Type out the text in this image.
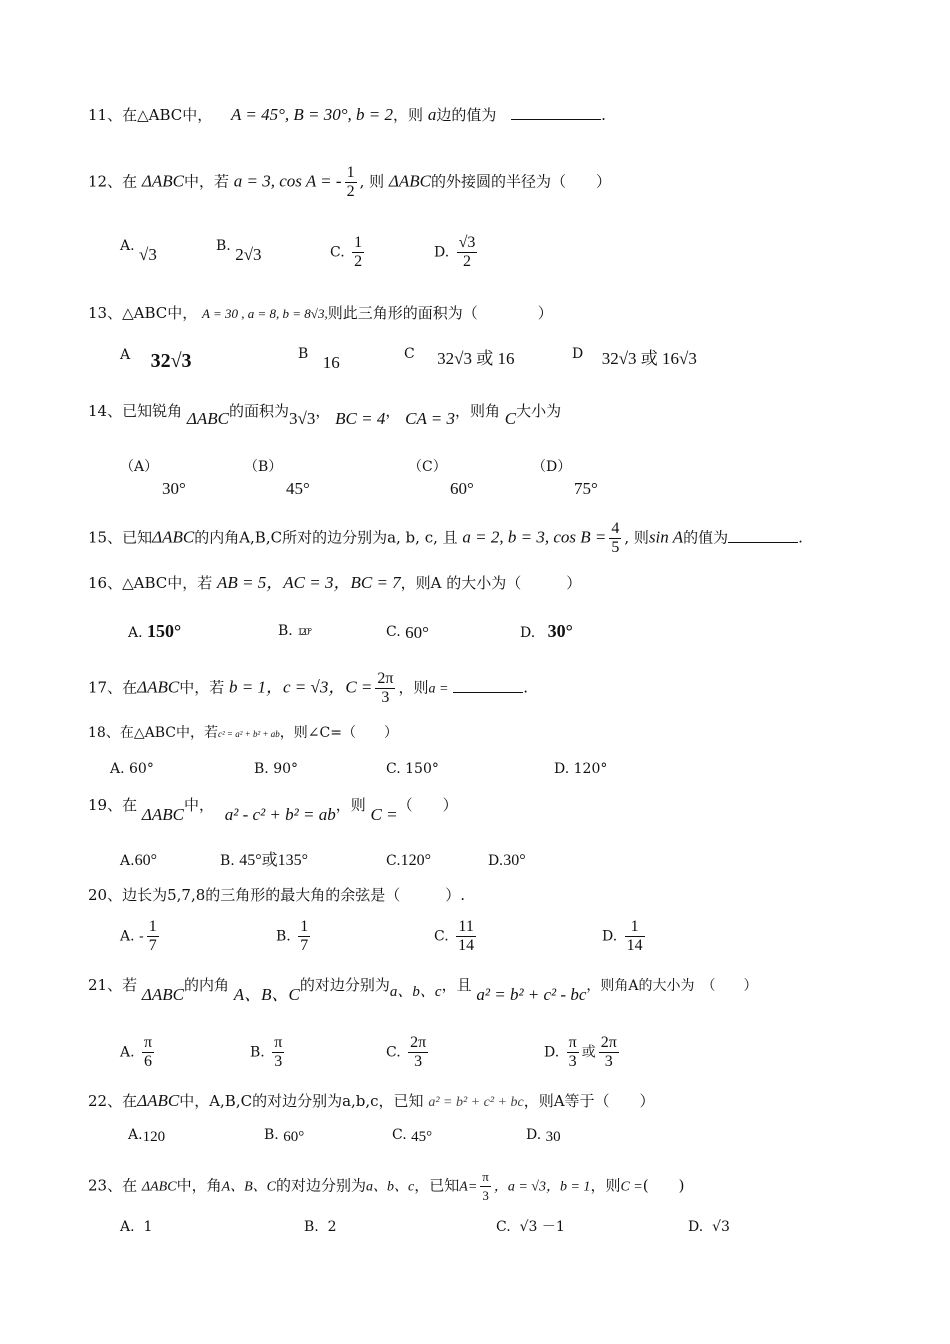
11、在△ABC中， A = 45°, B = 30°, b = 2，则 a边的值为	.
12、在 ΔABC中，若 a = 3, cos A = - $\frac{1}{2}$ , 则 ΔABC的外接圆的半径为（　　）
A. √3	B. 2√3	C. $\frac{1}{2}$	D. $\frac{√3}{2}$
13、△ABC中， A = 30 , a = 8, b = 8√3,则此三角形的面积为（　　　　）
A 32√3	B 16	C 32√3 或 16	D 32√3 或 16√3
14、已知锐角 ΔABC的面积为3√3， BC = 4， CA = 3，则角 C大小为
（A）
30°
（B）
45°
（C）
60°
（D）
75°
15、已知ΔABC的内角A,B,C所对的边分别为a, b, c, 且 a = 2, b = 3, $\cos B = \frac{4}{5}$ , 则sin A的值为	.
16、△ABC中，若 AB = 5，AC = 3，BC = 7，则A 的大小为（　　　）
A. 150°	B. 120°	C. 60°	D. 30°
17、在ΔABC中，若 b = 1，c = √3，$C = \frac{2\pi}{3}$ ，则a =	.
18、在△ABC中，若c² = a² + b² + ab，则∠C=（　　）
A. 60°	B. 90°	C. 150°	D. 120°
19、在 ΔABC中， a² - c² + b² = ab，则 C =（　　）
A.60°	B. 45°或135°	C.120°	D.30°
20、边长为5,7,8的三角形的最大角的余弦是（　　　）.
A. - $\frac{1}{7}$	B. $\frac{1}{7}$	C. $\frac{11}{14}$	D. $\frac{1}{14}$
21、若 ΔABC的内角 A、B、C的对边分别为a、b、c，且 a² = b² + c² - bc，则角A的大小为　（　　）
A. $\frac{\pi}{6}$	B. $\frac{\pi}{3}$	C. $\frac{2\pi}{3}$	D. $\frac{\pi}{3}$ 或 $\frac{2\pi}{3}$
22、在ΔABC中，A,B,C的对边分别为a,b,c，已知 a² = b² + c² + bc，则A等于（　　）
A.120	B. 60°	C. 45°	D. 30
23、在 ΔABC中，角A、B、C的对边分别为a、b、c，已知$A= \frac{\pi}{3}$ ，a = √3，b = 1，则C =(　　)
A. 1	B. 2	C. √3 －1	D. √3
